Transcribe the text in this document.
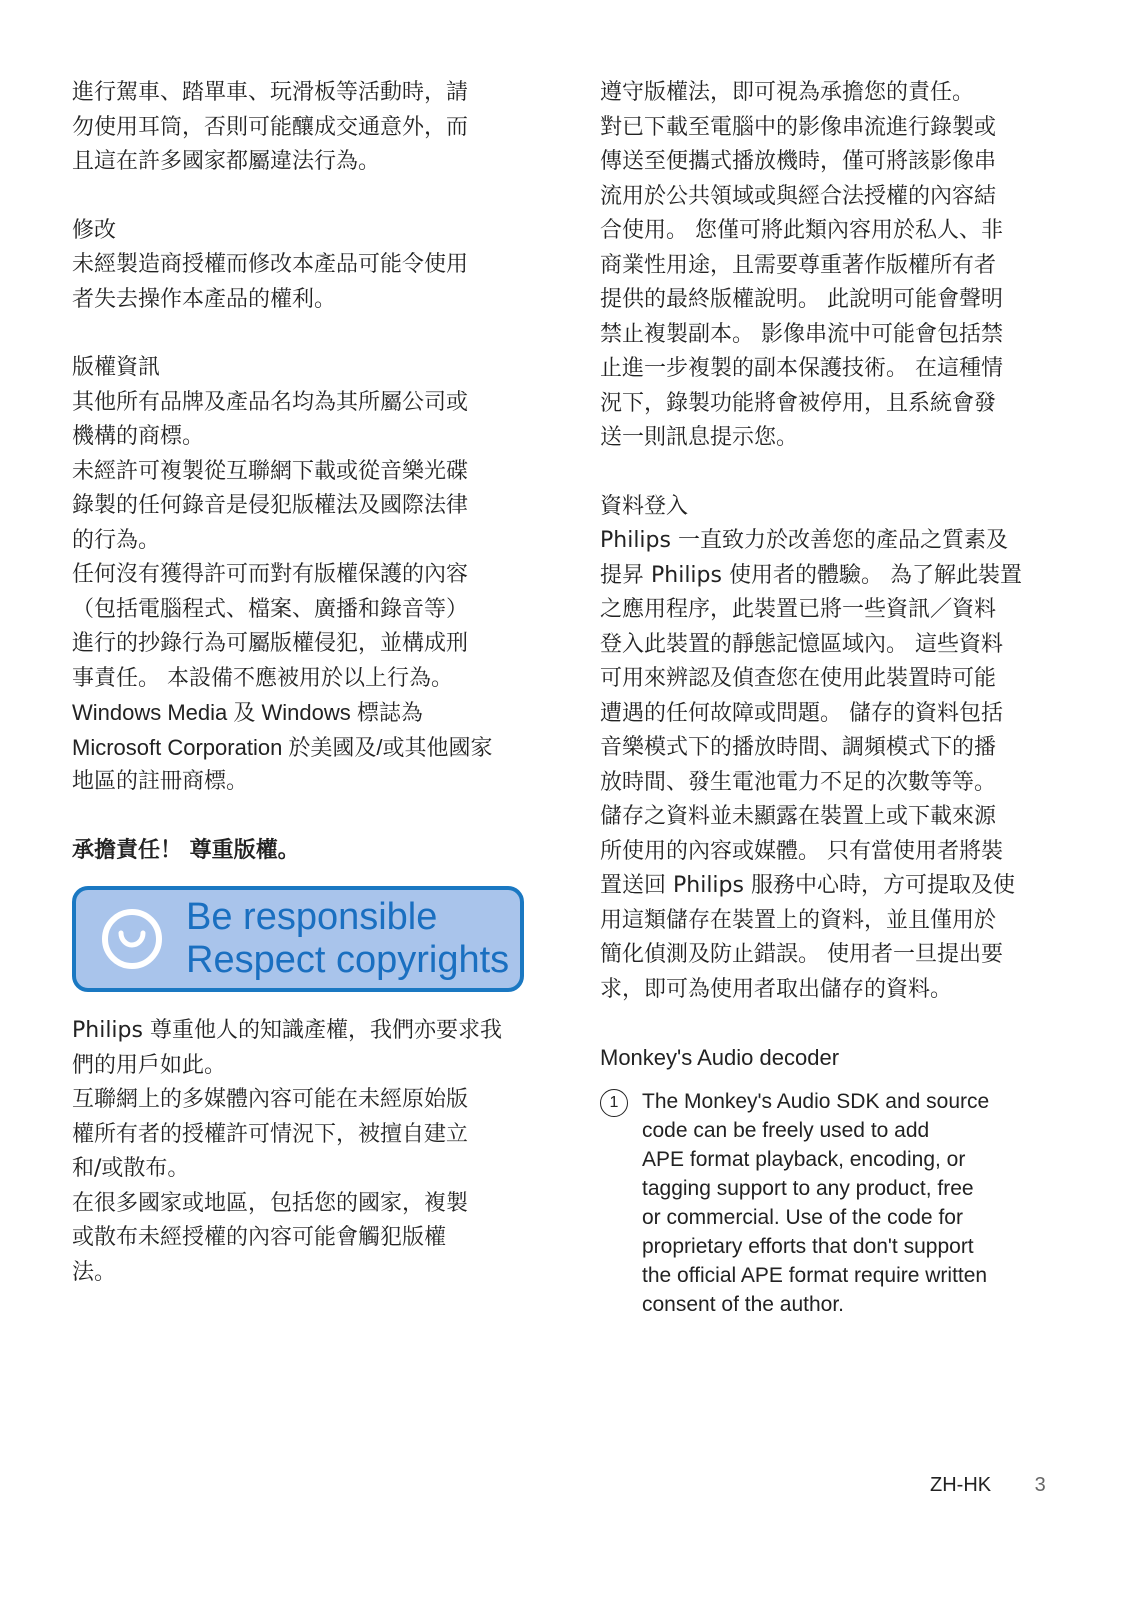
進行駕車、踏單車、玩滑板等活動時，請

勿使用耳筒，否則可能釀成交通意外，而

且這在許多國家都屬違法行為。

修改

未經製造商授權而修改本產品可能令使用

者失去操作本產品的權利。

版權資訊

其他所有品牌及產品名均為其所屬公司或

機構的商標。

未經許可複製從互聯網下載或從音樂光碟

錄製的任何錄音是侵犯版權法及國際法律

的行為。

任何沒有獲得許可而對有版權保護的內容

（包括電腦程式、檔案、廣播和錄音等）

進行的抄錄行為可屬版權侵犯，並構成刑

事責任。 本設備不應被用於以上行為。

Windows Media 及 Windows 標誌為

Microsoft Corporation 於美國及/或其他國家

地區的註冊商標。

承擔責任！ 尊重版權。

Be responsible
Respect copyrights

Philips 尊重他人的知識產權，我們亦要求我

們的用戶如此。

互聯網上的多媒體內容可能在未經原始版

權所有者的授權許可情況下，被擅自建立

和/或散布。

在很多國家或地區，包括您的國家，複製

或散布未經授權的內容可能會觸犯版權

法。

遵守版權法，即可視為承擔您的責任。

對已下載至電腦中的影像串流進行錄製或

傳送至便攜式播放機時，僅可將該影像串

流用於公共領域或與經合法授權的內容結

合使用。 您僅可將此類內容用於私人、非

商業性用途，且需要尊重著作版權所有者

提供的最終版權說明。 此說明可能會聲明

禁止複製副本。 影像串流中可能會包括禁

止進一步複製的副本保護技術。 在這種情

況下，錄製功能將會被停用，且系統會發

送一則訊息提示您。

資料登入

Philips 一直致力於改善您的產品之質素及

提昇 Philips 使用者的體驗。 為了解此裝置

之應用程序，此裝置已將一些資訊／資料

登入此裝置的靜態記憶區域內。 這些資料

可用來辨認及偵查您在使用此裝置時可能

遭遇的任何故障或問題。 儲存的資料包括

音樂模式下的播放時間、調頻模式下的播

放時間、發生電池電力不足的次數等等。

儲存之資料並未顯露在裝置上或下載來源

所使用的內容或媒體。 只有當使用者將裝

置送回 Philips 服務中心時，方可提取及使

用這類儲存在裝置上的資料，並且僅用於

簡化偵測及防止錯誤。 使用者一旦提出要

求，即可為使用者取出儲存的資料。

Monkey's Audio decoder

1	The Monkey's Audio SDK and source
code can be freely used to add
APE format playback, encoding, or
tagging support to any product, free
or commercial. Use of the code for
proprietary efforts that don't support
the official APE format require written
consent of the author.
ZH-HK 3
